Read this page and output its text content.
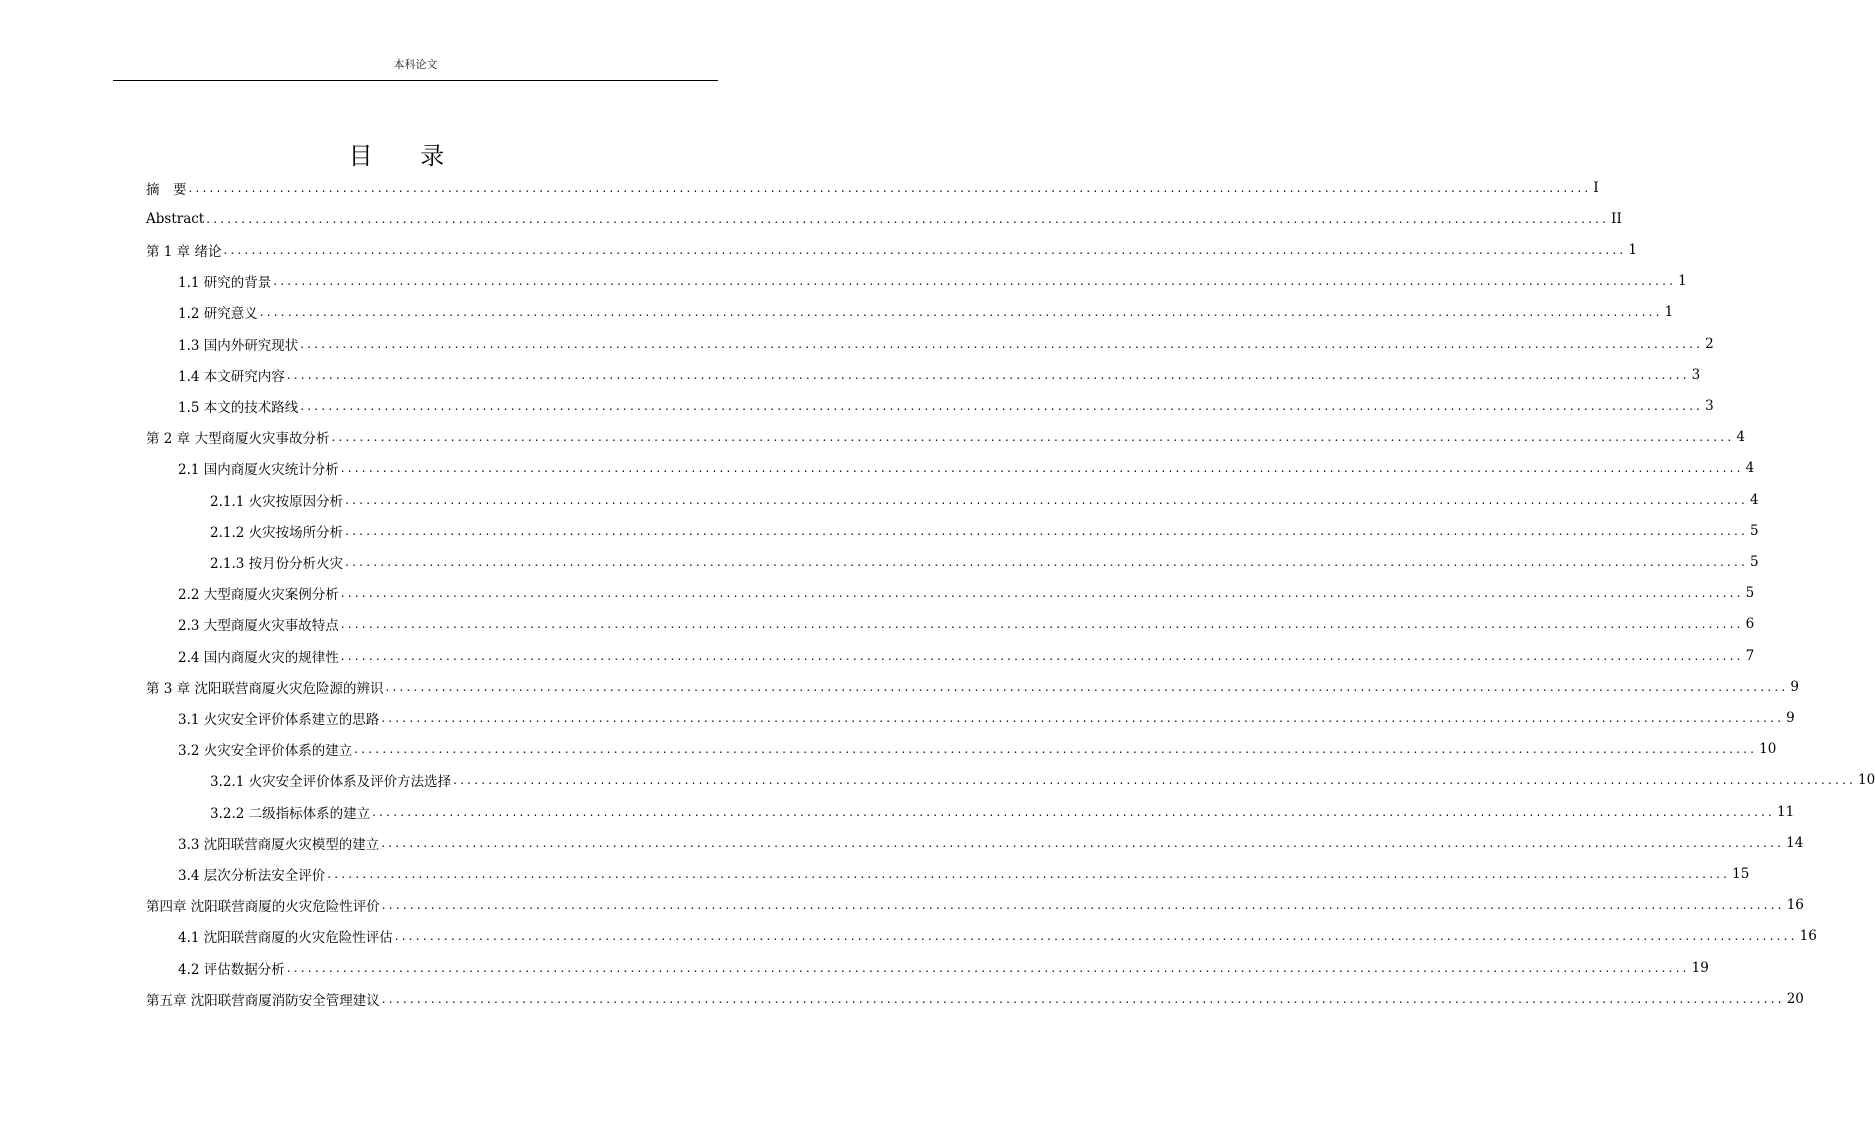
本科论文
目 录
摘　要 ........................................................................................................................................................................................................ I
Abstract ........................................................................................................................................................................................................ II
第 1 章 绪论 ........................................................................................................................................................................................................ 1
1.1 研究的背景 ........................................................................................................................................................................................................ 1
1.2 研究意义 ........................................................................................................................................................................................................ 1
1.3 国内外研究现状 ........................................................................................................................................................................................................ 2
1.4 本文研究内容 ........................................................................................................................................................................................................ 3
1.5 本文的技术路线 ........................................................................................................................................................................................................ 3
第 2 章 大型商厦火灾事故分析 ........................................................................................................................................................................................................ 4
2.1 国内商厦火灾统计分析 ........................................................................................................................................................................................................ 4
2.1.1 火灾按原因分析 ........................................................................................................................................................................................................ 4
2.1.2 火灾按场所分析 ........................................................................................................................................................................................................ 5
2.1.3 按月份分析火灾 ........................................................................................................................................................................................................ 5
2.2 大型商厦火灾案例分析 ........................................................................................................................................................................................................ 5
2.3 大型商厦火灾事故特点 ........................................................................................................................................................................................................ 6
2.4 国内商厦火灾的规律性 ........................................................................................................................................................................................................ 7
第 3 章 沈阳联营商厦火灾危险源的辨识 ........................................................................................................................................................................................................ 9
3.1 火灾安全评价体系建立的思路 ........................................................................................................................................................................................................ 9
3.2 火灾安全评价体系的建立 ........................................................................................................................................................................................................ 10
3.2.1 火灾安全评价体系及评价方法选择 ........................................................................................................................................................................................................ 10
3.2.2 二级指标体系的建立 ........................................................................................................................................................................................................ 11
3.3 沈阳联营商厦火灾模型的建立 ........................................................................................................................................................................................................ 14
3.4 层次分析法安全评价 ........................................................................................................................................................................................................ 15
第四章 沈阳联营商厦的火灾危险性评价 ........................................................................................................................................................................................................ 16
4.1 沈阳联营商厦的火灾危险性评估 ........................................................................................................................................................................................................ 16
4.2 评估数据分析 ........................................................................................................................................................................................................ 19
第五章 沈阳联营商厦消防安全管理建议 ........................................................................................................................................................................................................ 20
